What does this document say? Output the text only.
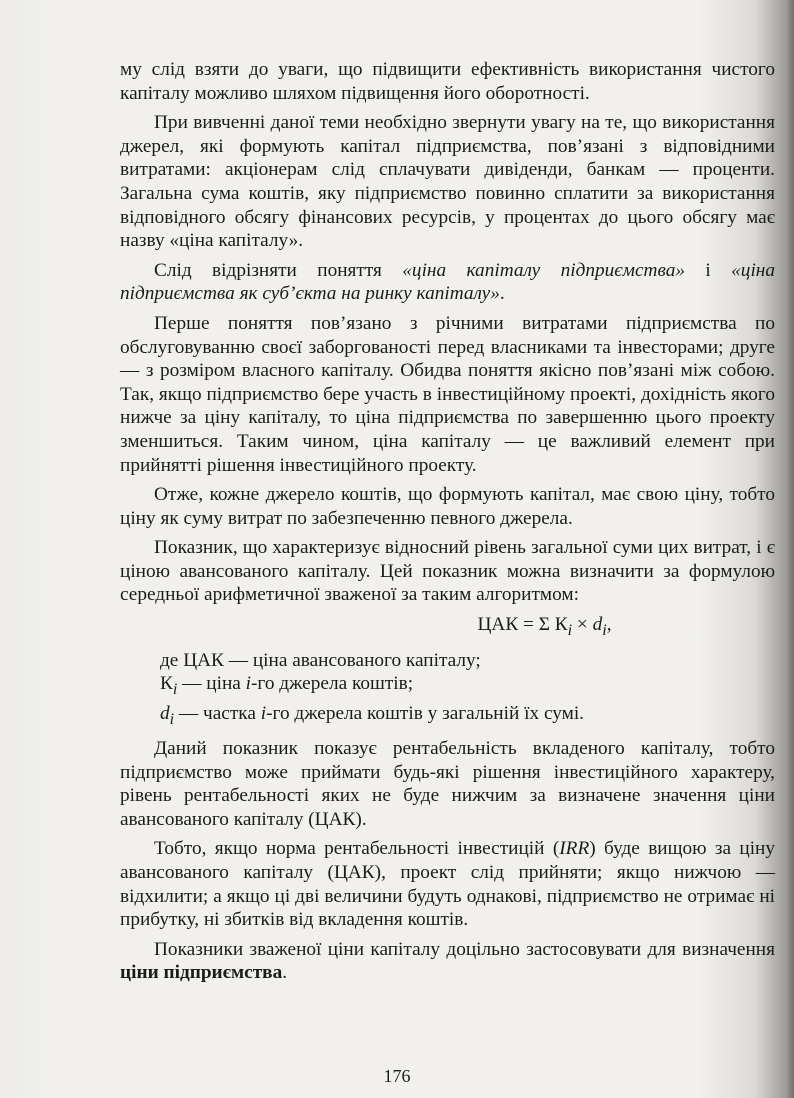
му слід взяти до уваги, що підвищити ефективність використання чистого капіталу можливо шляхом підвищення його оборотності.

При вивченні даної теми необхідно звернути увагу на те, що використання джерел, які формують капітал підприємства, пов’язані з відповідними витратами: акціонерам слід сплачувати дивіденди, банкам — проценти. Загальна сума коштів, яку підприємство повинно сплатити за використання відповідного обсягу фінансових ресурсів, у процентах до цього обсягу має назву «ціна капіталу».

Слід відрізняти поняття «ціна капіталу підприємства» і «ціна підприємства як суб’єкта на ринку капіталу».

Перше поняття пов’язано з річними витратами підприємства по обслуговуванню своєї заборгованості перед власниками та інвесторами; друге — з розміром власного капіталу. Обидва поняття якісно пов’язані між собою. Так, якщо підприємство бере участь в інвестиційному проекті, дохідність якого нижче за ціну капіталу, то ціна підприємства по завершенню цього проекту зменшиться. Таким чином, ціна капіталу — це важливий елемент при прийнятті рішення інвестиційного проекту.

Отже, кожне джерело коштів, що формують капітал, має свою ціну, тобто ціну як суму витрат по забезпеченню певного джерела.

Показник, що характеризує відносний рівень загальної суми цих витрат, і є ціною авансованого капіталу. Цей показник можна визначити за формулою середньої арифметичної зваженої за таким алгоритмом:

ЦАК = Σ $К_i \times d_i$,

де ЦАК — ціна авансованого капіталу;

$К_i$ — ціна i-го джерела коштів;

$d_i$ — частка i-го джерела коштів у загальній їх сумі.

Даний показник показує рентабельність вкладеного капіталу, тобто підприємство може приймати будь-які рішення інвестиційного характеру, рівень рентабельності яких не буде нижчим за визначене значення ціни авансованого капіталу (ЦАК).

Тобто, якщо норма рентабельності інвестицій (IRR) буде вищою за ціну авансованого капіталу (ЦАК), проект слід прийняти; якщо нижчою — відхилити; а якщо ці дві величини будуть однакові, підприємство не отримає ні прибутку, ні збитків від вкладення коштів.

Показники зваженої ціни капіталу доцільно застосовувати для визначення ціни підприємства.

176
